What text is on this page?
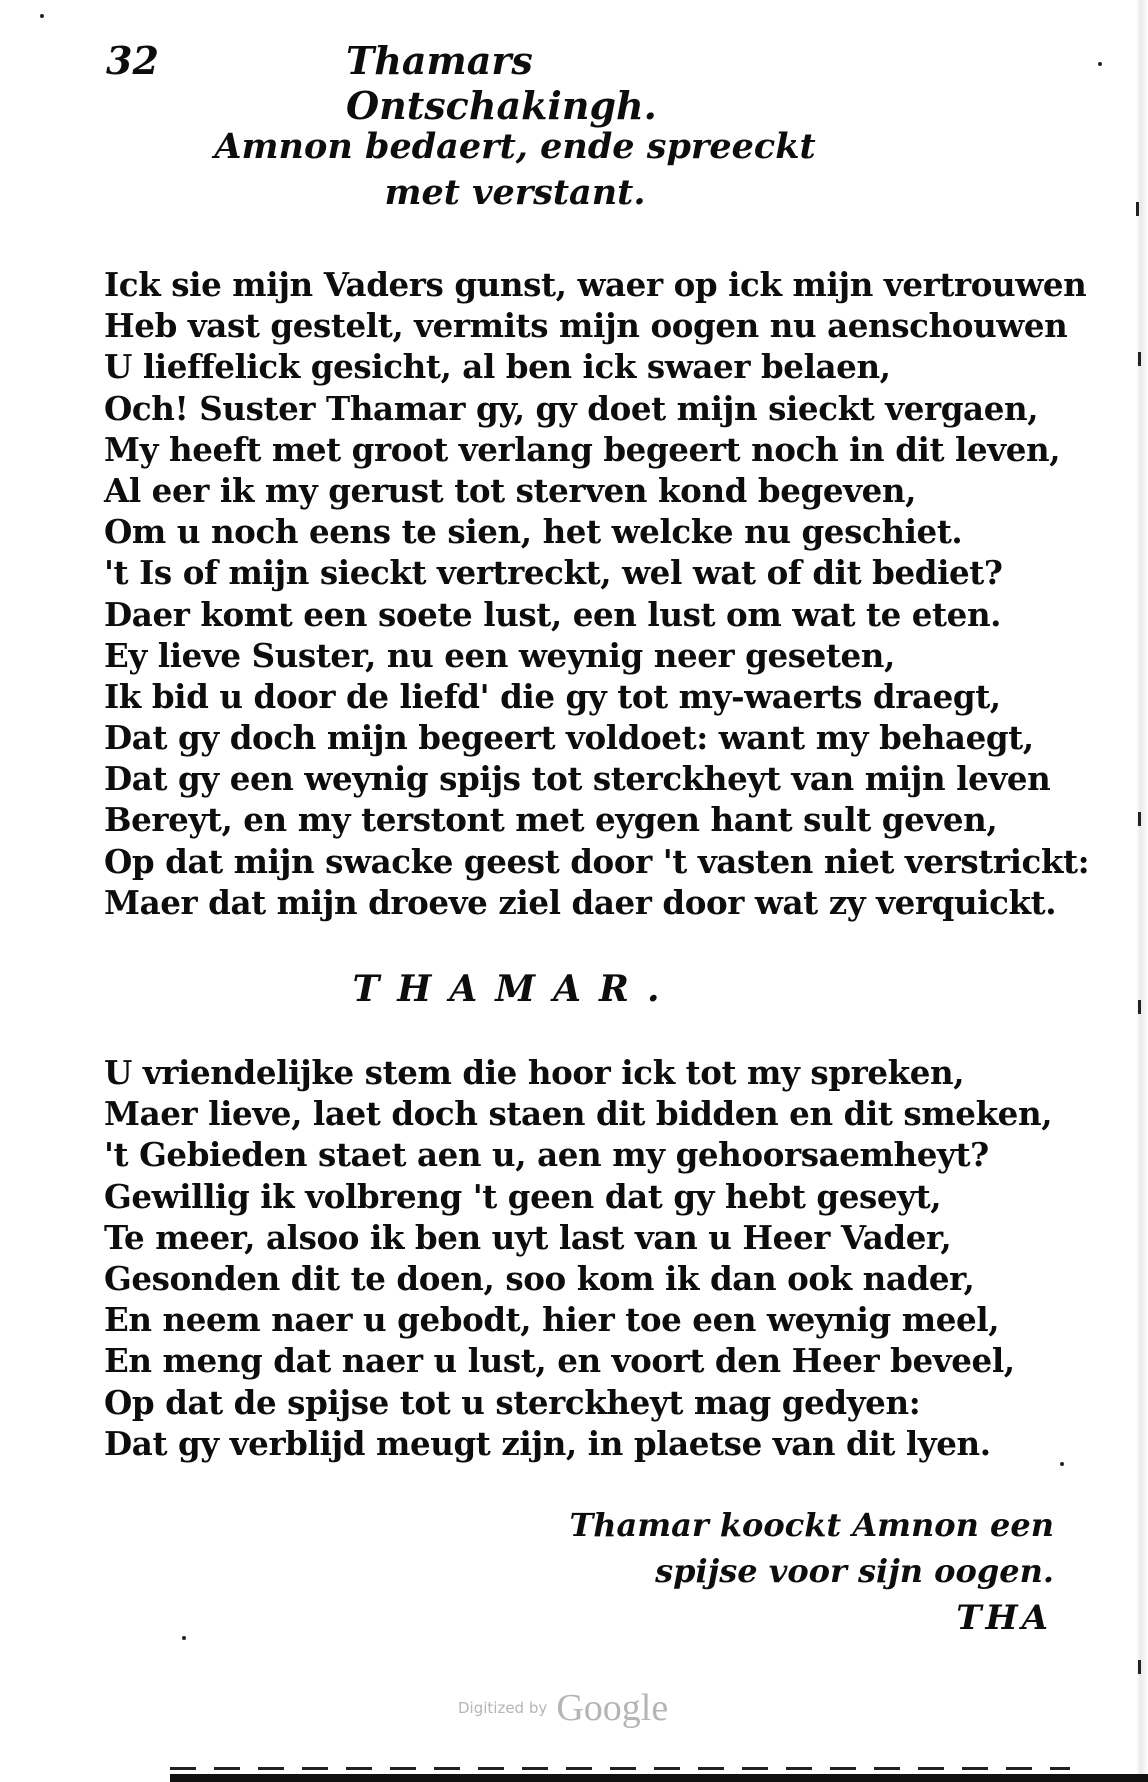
32	Thamars Ontschakingh.
Amnon bedaert, ende spreeckt
met verstant.
Ick sie mijn Vaders gunst, waer op ick mijn vertrouwen
Heb vast gestelt, vermits mijn oogen nu aenschouwen
U lieffelick gesicht, al ben ick swaer belaen,
Och! Suster Thamar gy, gy doet mijn sieckt vergaen,
My heeft met groot verlang begeert noch in dit leven,
Al eer ik my gerust tot sterven kond begeven,
Om u noch eens te sien, het welcke nu geschiet.
't Is of mijn sieckt vertreckt, wel wat of dit bediet?
Daer komt een soete lust, een lust om wat te eten.
Ey lieve Suster, nu een weynig neer geseten,
Ik bid u door de liefd' die gy tot my-waerts draegt,
Dat gy doch mijn begeert voldoet: want my behaegt,
Dat gy een weynig spijs tot sterckheyt van mijn leven
Bereyt, en my terstont met eygen hant sult geven,
Op dat mijn swacke geest door 't vasten niet verstrickt:
Maer dat mijn droeve ziel daer door wat zy verquickt.
THAMAR.
U vriendelijke stem die hoor ick tot my spreken,
Maer lieve, laet doch staen dit bidden en dit smeken,
't Gebieden staet aen u, aen my gehoorsaemheyt?
Gewillig ik volbreng 't geen dat gy hebt geseyt,
Te meer, alsoo ik ben uyt last van u Heer Vader,
Gesonden dit te doen, soo kom ik dan ook nader,
En neem naer u gebodt, hier toe een weynig meel,
En meng dat naer u lust, en voort den Heer beveel,
Op dat de spijse tot u sterckheyt mag gedyen:
Dat gy verblijd meugt zijn, in plaetse van dit lyen.
Thamar koockt Amnon een
spijse voor sijn oogen.
THA
Digitized by Google
